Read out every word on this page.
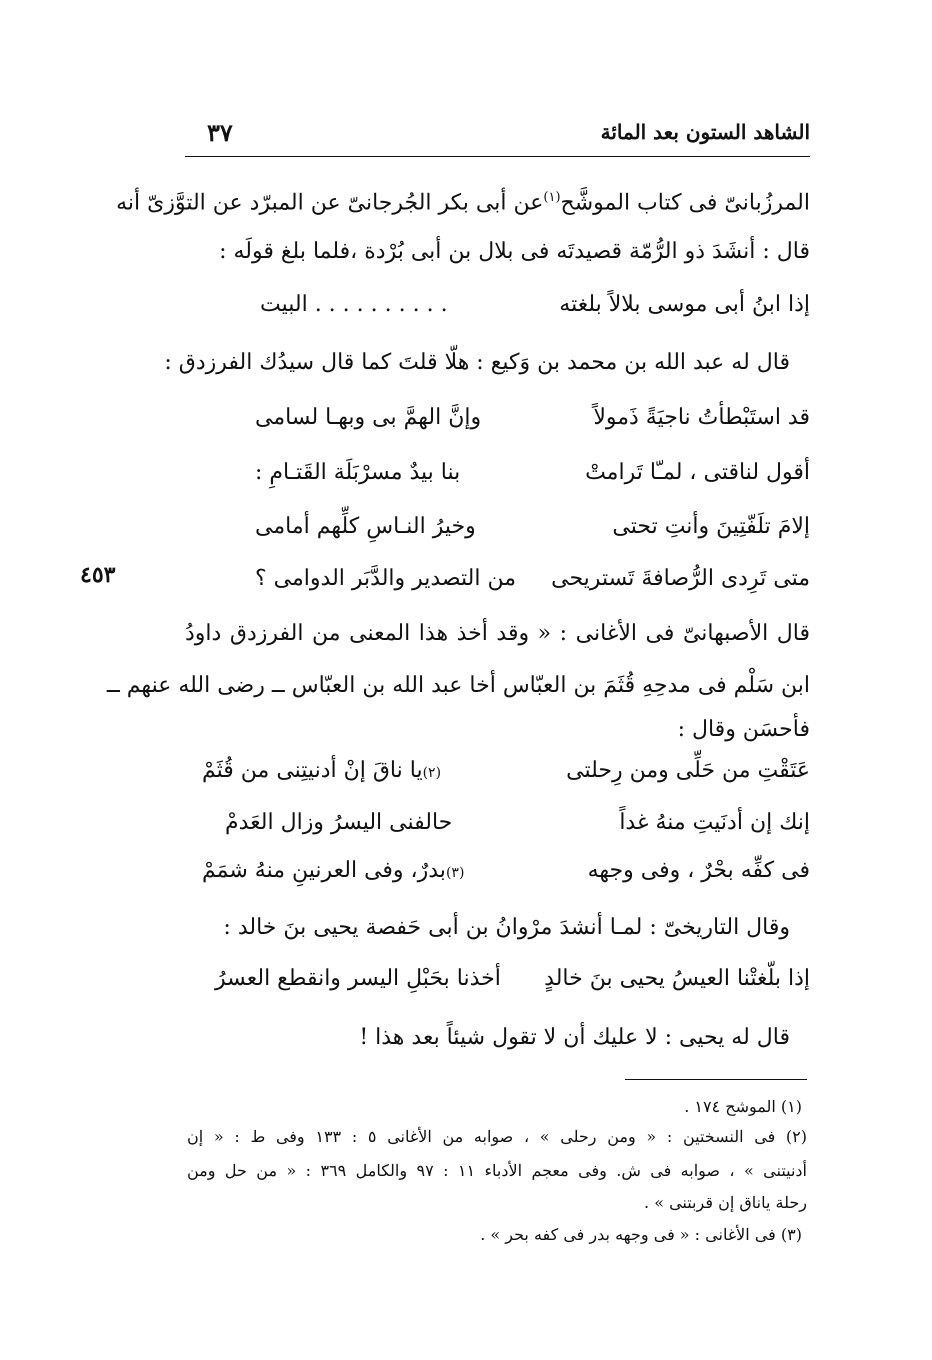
الشاهد الستون بعد المائة
٣٧
المرزُبانىّ فى كتاب الموشَّح$^{(١)}$عن أبى بكر الجُرجانىّ عن المبرّد عن التوَّزىّ أنه
قال : أنشَدَ ذو الرُّمّة قصيدتَه فى بلال بن أبى بُرْدة ،فلما بلغ قولَه :
إذا ابنُ أبى موسى بلالاً بلغته
. . . . . . . . . . البيت
قال له عبد الله بن محمد بن وَكيع : هلّا قلتَ كما قال سيدُك الفرزدق :
قد استَبْطأتُ ناجيَةً ذَمولاً
وإنَّ الهمَّ بى وبهـا لسامى
أقول لناقتى ، لمـّا تَرامتْ
بنا بيدٌ مسرْبَلَة القَتـامِ :
إلامَ تلَفّتِينَ وأنتِ تحتى
وخيرُ النـاسِ كلِّهم أمامى
متى تَرِدى الرُّصافةَ تَستريحى
من التصدير والدَّبَر الدوامى ؟
٤٥٣
قال الأصبهانىّ فى الأغانى : « وقد أخذ هذا المعنى من الفرزدق داودُ
ابن سَلْم فى مدحِهِ قُثَمَ بن العبّاس أخا عبد الله بن العبّاس ــ رضى الله عنهم ــ
فأحسَن وقال :
عَتَقْتِ من حَلِّى ومن رِحلتى
(٢)يا ناقَ إنْ أدنيتِنى من قُثَمْ
إنك إن أدنَيتِ منهُ غداً
حالفنى اليسرُ وزال العَدمْ
فى كفِّه بحْرٌ ، وفى وجهه
(٣)بدرٌ، وفى العرنينِ منهُ شمَمْ
وقال التاريخىّ : لمـا أنشدَ مرْوانُ بن أبى حَفصة يحيى بنَ خالد :
إذا بلّغتْنا العيسُ يحيى بنَ خالدٍ
أخذنا بحَبْلِ اليسر وانقطع العسرُ
قال له يحيى : لا عليك أن لا تقول شيئاً بعد هذا !
(١) الموشح ١٧٤ .
(٢) فى النسختين : « ومن رحلى » ، صوابه من الأغانى ٥ : ١٣٣ وفى ط : « إن
أدنيتنى » ، صوابه فى ش. وفى معجم الأدباء ١١ : ٩٧ والكامل ٣٦٩ : « من حل ومن
رحلة ياناق إن قربتنى » .
(٣) فى الأغانى : « فى وجهه بدر فى كفه بحر » .
